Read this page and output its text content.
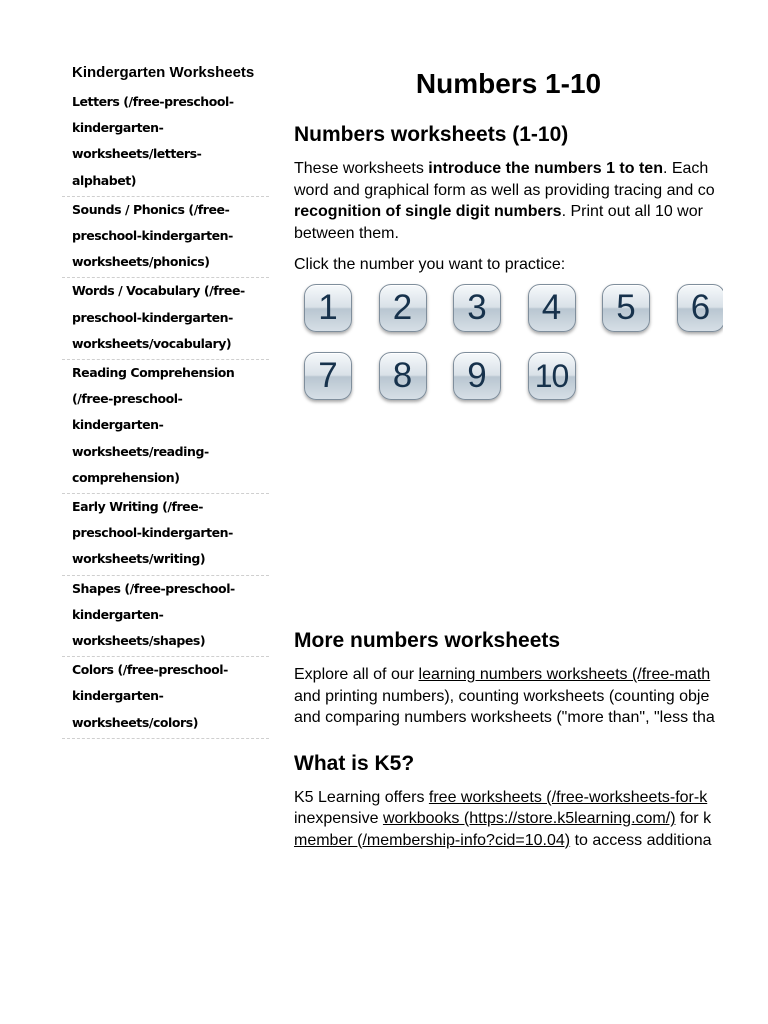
Kindergarten Worksheets
Letters (/free-preschool-kindergarten-worksheets/letters-alphabet)
Sounds / Phonics (/free-preschool-kindergarten-worksheets/phonics)
Words / Vocabulary (/free-preschool-kindergarten-worksheets/vocabulary)
Reading Comprehension (/free-preschool-kindergarten-worksheets/reading-comprehension)
Early Writing (/free-preschool-kindergarten-worksheets/writing)
Shapes (/free-preschool-kindergarten-worksheets/shapes)
Colors (/free-preschool-kindergarten-worksheets/colors)
Numbers 1-10
Numbers worksheets (1-10)

These worksheets introduce the numbers 1 to ten. Each
word and graphical form as well as providing tracing and co
recognition of single digit numbers. Print out all 10 wor
between them.

Click the number you want to practice:

1	2	3	4	5	6
7	8	9	10
More numbers worksheets

Explore all of our learning numbers worksheets (/free-math
and printing numbers), counting worksheets (counting obje
and comparing numbers worksheets ("more than", "less tha

What is K5?

K5 Learning offers free worksheets (/free-worksheets-for-k
inexpensive workbooks (https://store.k5learning.com/) for k
member (/membership-info?cid=10.04) to access additiona
